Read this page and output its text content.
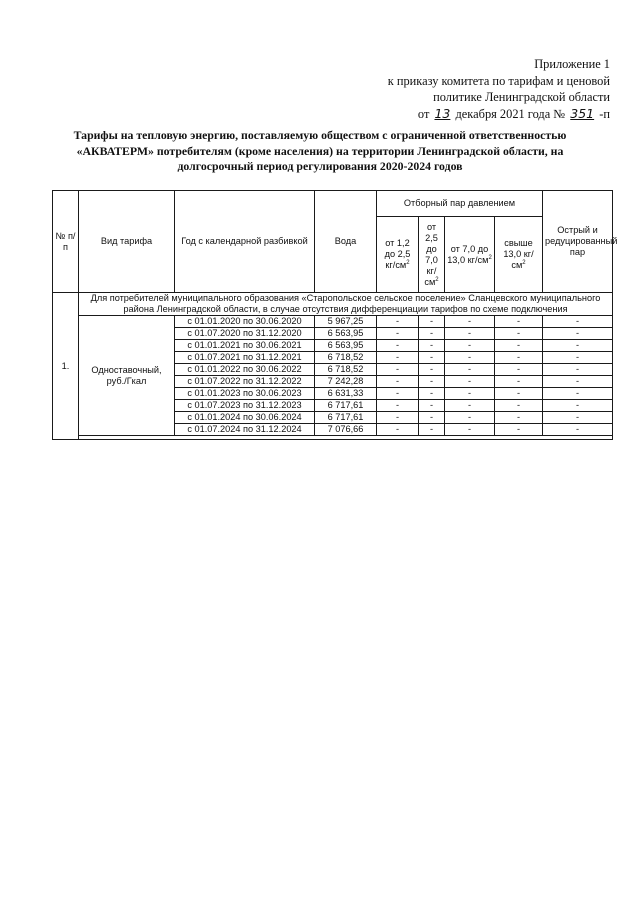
Приложение 1
к приказу комитета по тарифам и ценовой
политике Ленинградской области
от 13 декабря 2021 года № 351 -п
Тарифы на тепловую энергию, поставляемую обществом с ограниченной ответственностью «АКВАТЕРМ» потребителям (кроме населения) на территории Ленинградской области, на долгосрочный период регулирования 2020-2024 годов
№ п/п	Вид тарифа	Год с календарной разбивкой	Вода	Отборный пар давлением				Острый и редуцированный пар
				от 1,2 до 2,5 $кг/см^2$	от 2,5 до 7,0 $кг/см^2$	от 7,0 до 13,0 $кг/см^2$	свыше 13,0 $кг/см^2$
1.	Для потребителей муниципального образования «Старопольское сельское поселение» Сланцевского муниципального района Ленинградской области, в случае отсутствия дифференциации тарифов по схеме подключения							
	Одноставочный, руб./Гкал	с 01.01.2020 по 30.06.2020	5 967,25	-	-	-	-	-
		с 01.07.2020 по 31.12.2020	6 563,95	-	-	-	-	-
		с 01.01.2021 по 30.06.2021	6 563,95	-	-	-	-	-
		с 01.07.2021 по 31.12.2021	6 718,52	-	-	-	-	-
		с 01.01.2022 по 30.06.2022	6 718,52	-	-	-	-	-
		с 01.07.2022 по 31.12.2022	7 242,28	-	-	-	-	-
		с 01.01.2023 по 30.06.2023	6 631,33	-	-	-	-	-
		с 01.07.2023 по 31.12.2023	6 717,61	-	-	-	-	-
		с 01.01.2024 по 30.06.2024	6 717,61	-	-	-	-	-
		с 01.07.2024 по 31.12.2024	7 076,66	-	-	-	-	-
